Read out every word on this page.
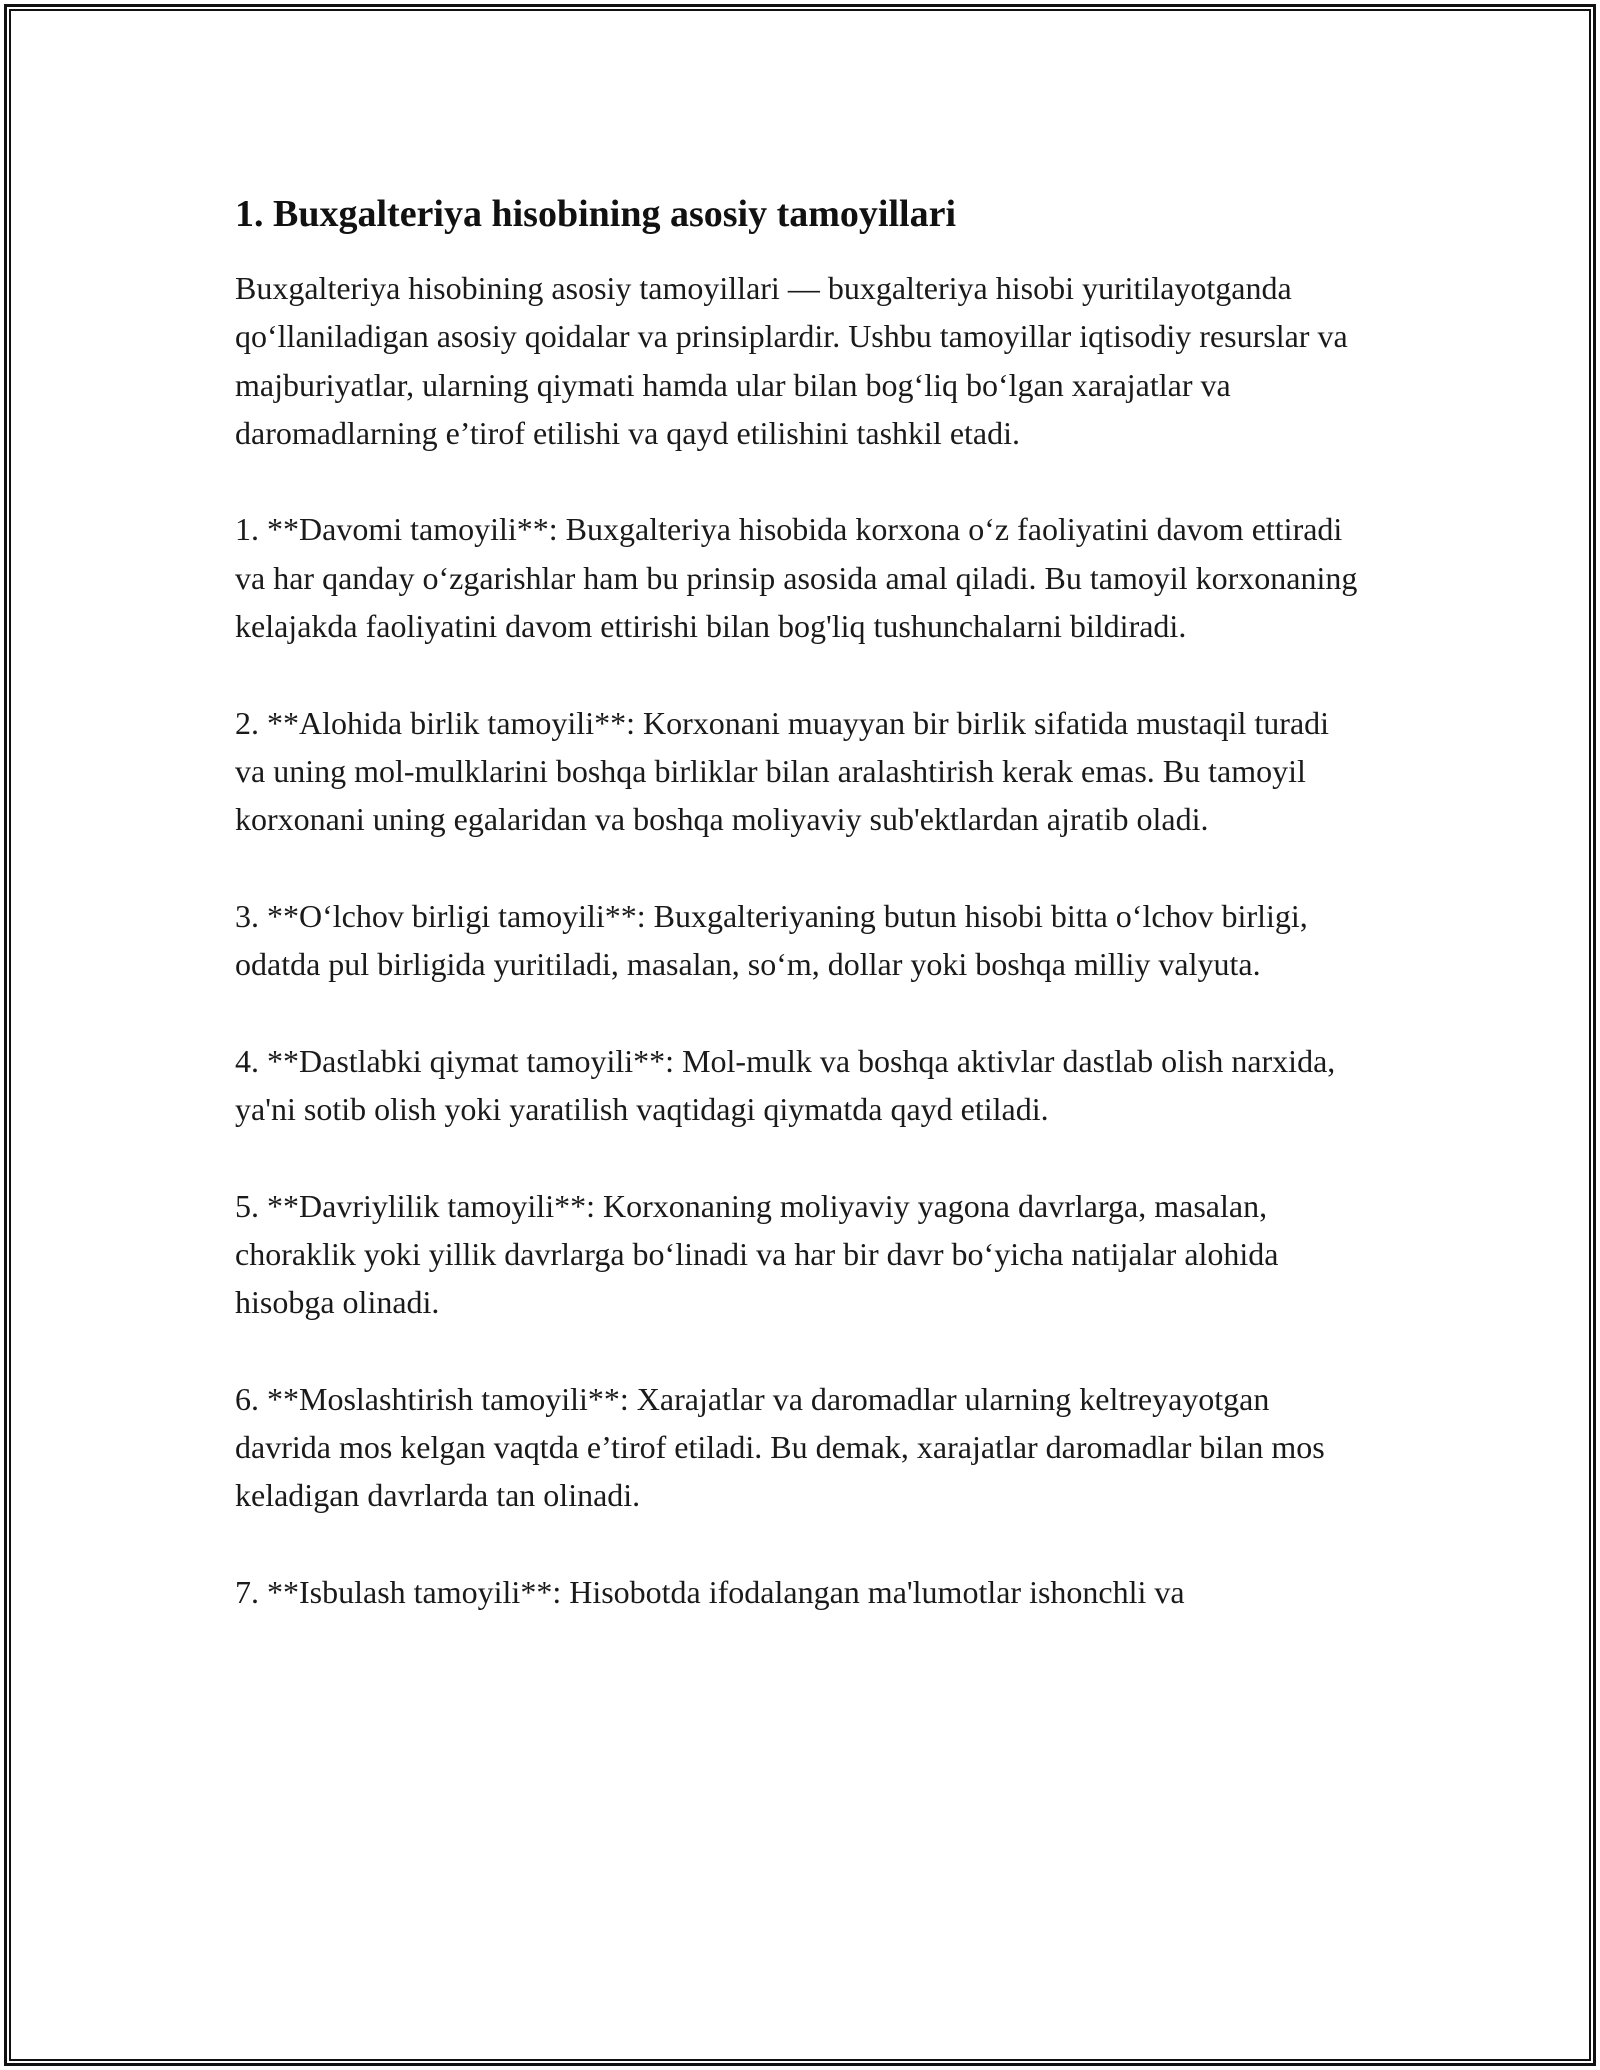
1. Buxgalteriya hisobining asosiy tamoyillari

Buxgalteriya hisobining asosiy tamoyillari — buxgalteriya hisobi yuritilayotganda qoʻllaniladigan asosiy qoidalar va prinsiplardir. Ushbu tamoyillar iqtisodiy resurslar va majburiyatlar, ularning qiymati hamda ular bilan bogʻliq boʻlgan xarajatlar va daromadlarning e’tirof etilishi va qayd etilishini tashkil etadi.

1. **Davomi tamoyili**: Buxgalteriya hisobida korxona oʻz faoliyatini davom ettiradi va har qanday oʻzgarishlar ham bu prinsip asosida amal qiladi. Bu tamoyil korxonaning kelajakda faoliyatini davom ettirishi bilan bog'liq tushunchalarni bildiradi.

2. **Alohida birlik tamoyili**: Korxonani muayyan bir birlik sifatida mustaqil turadi va uning mol-mulklarini boshqa birliklar bilan aralashtirish kerak emas. Bu tamoyil korxonani uning egalaridan va boshqa moliyaviy sub'ektlardan ajratib oladi.

3. **Oʻlchov birligi tamoyili**: Buxgalteriyaning butun hisobi bitta oʻlchov birligi, odatda pul birligida yuritiladi, masalan, soʻm, dollar yoki boshqa milliy valyuta.

4. **Dastlabki qiymat tamoyili**: Mol-mulk va boshqa aktivlar dastlab olish narxida, ya'ni sotib olish yoki yaratilish vaqtidagi qiymatda qayd etiladi.

5. **Davriylilik tamoyili**: Korxonaning moliyaviy yagona davrlarga, masalan, choraklik yoki yillik davrlarga boʻlinadi va har bir davr boʻyicha natijalar alohida hisobga olinadi.

6. **Moslashtirish tamoyili**: Xarajatlar va daromadlar ularning keltreyayotgan davrida mos kelgan vaqtda e’tirof etiladi. Bu demak, xarajatlar daromadlar bilan mos keladigan davrlarda tan olinadi.

7. **Isbulash tamoyili**: Hisobotda ifodalangan ma'lumotlar ishonchli va
